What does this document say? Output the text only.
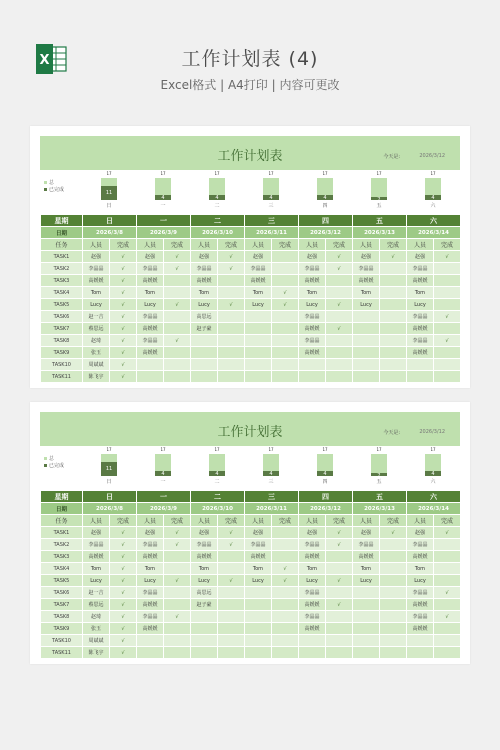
X	工作计划表 (4)
Excel格式 | A4打印 | 内容可更改
工作计划表	今天是:	2026/3/12
总
已完成
17
11
日
17
4
一
17
4
二
17
4
三
17
4
四
17
2
五
17
4
六
星期	日		一		二		三		四		五		六	
日期	2026/3/8		2026/3/9		2026/3/10		2026/3/11		2026/3/12		2026/3/13		2026/3/14	
任务	人员	完成	人员	完成	人员	完成	人员	完成	人员	完成	人员	完成	人员	完成
TASK1	赵强	√	赵强	√	赵强	√	赵强		赵强	√	赵强	√	赵强	√
TASK2	李晶晶	√	李晶晶	√	李晶晶	√	李晶晶		李晶晶	√	李晶晶		李晶晶	
TASK3	高媛媛	√	高媛媛		高媛媛		高媛媛		高媛媛		高媛媛		高媛媛	
TASK4	Tom	√	Tom		Tom		Tom	√	Tom		Tom		Tom	
TASK5	Lucy	√	Lucy	√	Lucy	√	Lucy	√	Lucy	√	Lucy		Lucy	
TASK6	赵一吉	√	李晶晶		高思远				李晶晶				李晶晶	√
TASK7	蔡思远	√	高媛媛		赵子豪				高媛媛	√			高媛媛	
TASK8	赵琦	√	李晶晶	√					李晶晶				李晶晶	√
TASK9	张玉	√	高媛媛						高媛媛				高媛媛	
TASK10	周斌斌	√												
TASK11	陈飞宇	√												
工作计划表	今天是:	2026/3/12
总
已完成
17
11
日
17
4
一
17
4
二
17
4
三
17
4
四
17
2
五
17
4
六
星期	日		一		二		三		四		五		六	
日期	2026/3/8		2026/3/9		2026/3/10		2026/3/11		2026/3/12		2026/3/13		2026/3/14	
任务	人员	完成	人员	完成	人员	完成	人员	完成	人员	完成	人员	完成	人员	完成
TASK1	赵强	√	赵强	√	赵强	√	赵强		赵强	√	赵强	√	赵强	√
TASK2	李晶晶	√	李晶晶	√	李晶晶	√	李晶晶		李晶晶	√	李晶晶		李晶晶	
TASK3	高媛媛	√	高媛媛		高媛媛		高媛媛		高媛媛		高媛媛		高媛媛	
TASK4	Tom	√	Tom		Tom		Tom	√	Tom		Tom		Tom	
TASK5	Lucy	√	Lucy	√	Lucy	√	Lucy	√	Lucy	√	Lucy		Lucy	
TASK6	赵一吉	√	李晶晶		高思远				李晶晶				李晶晶	√
TASK7	蔡思远	√	高媛媛		赵子豪				高媛媛	√			高媛媛	
TASK8	赵琦	√	李晶晶	√					李晶晶				李晶晶	√
TASK9	张玉	√	高媛媛						高媛媛				高媛媛	
TASK10	周斌斌	√												
TASK11	陈飞宇	√												
